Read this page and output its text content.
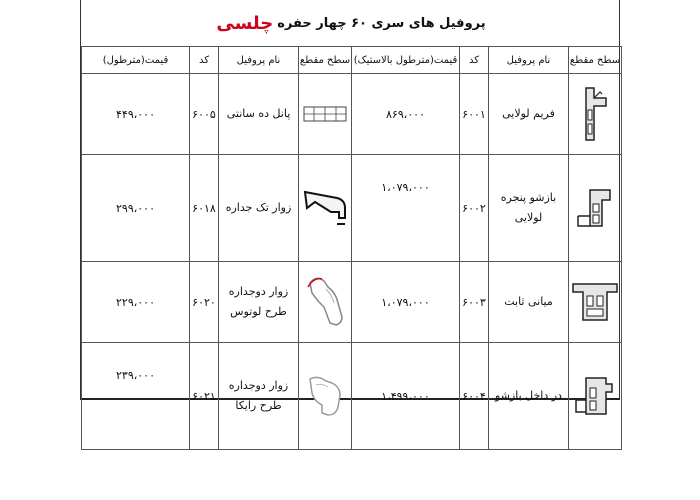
پروفیل های سری ۶۰ چهار حفره
چلسی
قیمت(مترطول)	کد	نام پروفیل	سطح مقطع	قیمت(مترطول بالاستیک)	کد	نام پروفیل	سطح مقطع
۴۴۹،۰۰۰	۶۰۰۵	پانل ده سانتی		۸۶۹،۰۰۰	۶۰۰۱	فریم لولایی	

۲۹۹،۰۰۰	۶۰۱۸	زوار تک جداره		۱،۰۷۹،۰۰۰	۶۰۰۲	بازشو پنجره لولایی	

۲۲۹،۰۰۰	۶۰۲۰	زوار دوجداره طرح لوتوس		۱،۰۷۹،۰۰۰	۶۰۰۳	میانی ثابت	

۲۳۹،۰۰۰	۶۰۲۱	زوار دوجداره طرح رایکا		۱،۴۹۹،۰۰۰	۶۰۰۴	در داخل بازشو	
